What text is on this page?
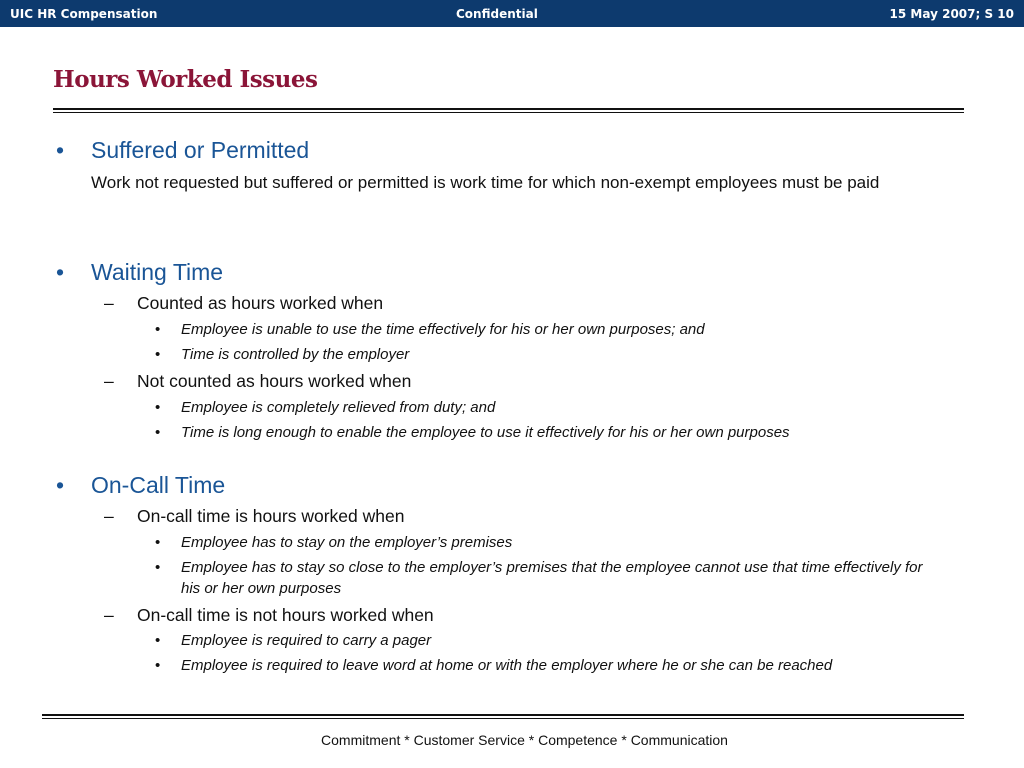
UIC HR Compensation	Confidential	15 May 2007; S 10
Hours Worked Issues
• Suffered or Permitted
Work not requested but suffered or permitted is work time for which non-exempt employees must be paid
• Waiting Time
– Counted as hours worked when
• Employee is unable to use the time effectively for his or her own purposes; and
• Time is controlled by the employer
– Not counted as hours worked when
• Employee is completely relieved from duty; and
• Time is long enough to enable the employee to use it effectively for his or her own purposes
• On-Call Time
– On-call time is hours worked when
• Employee has to stay on the employer’s premises
• Employee has to stay so close to the employer’s premises that the employee cannot use that time effectively for his or her own purposes
– On-call time is not hours worked when
• Employee is required to carry a pager
• Employee is required to leave word at home or with the employer where he or she can be reached
Commitment * Customer Service * Competence * Communication
